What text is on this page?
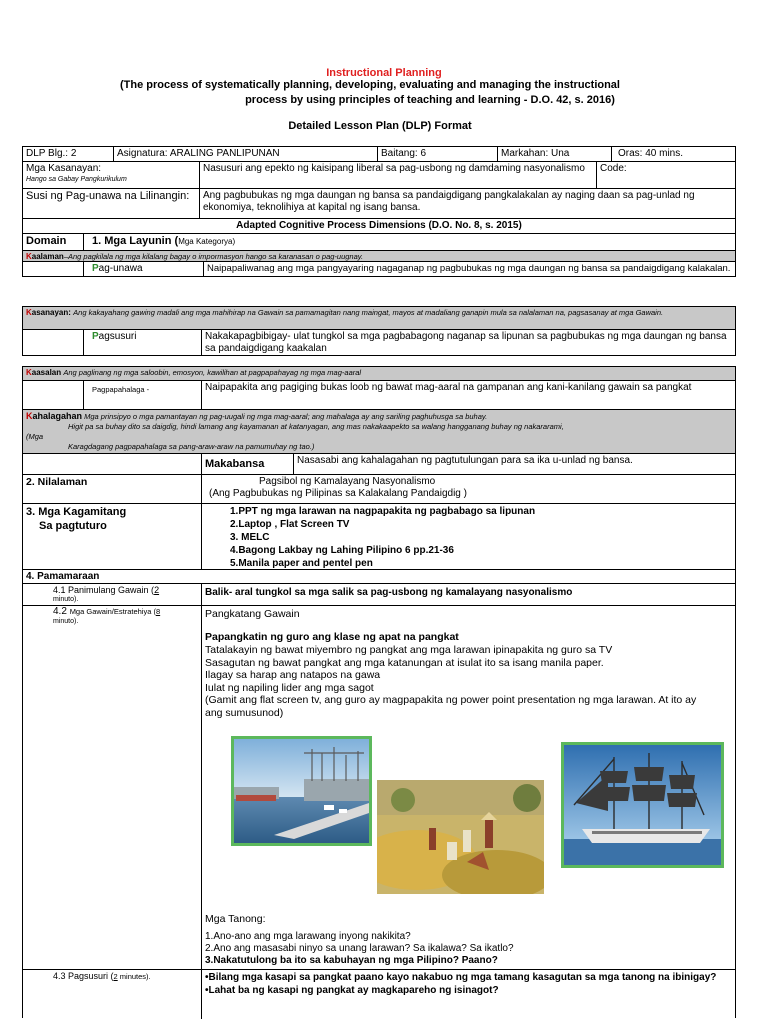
Instructional Planning
(The process of systematically planning, developing, evaluating and managing the instructional
process by using principles of teaching and learning - D.O. 42, s. 2016)
Detailed Lesson Plan (DLP) Format
DLP Blg.: 2	Asignatura: ARALING PANLIPUNAN	Baitang: 6	Markahan: Una	Oras: 40 mins.
Mga Kasanayan:
Hango sa Gabay Pangkurikulum
Nasusuri ang epekto ng kaisipang liberal sa pag-usbong ng damdaming nasyonalismo	Code:
Susi ng Pag-unawa na Lilinangin:	Ang pagbubukas ng mga daungan ng bansa sa pandaigdigang pangkalakalan ay naging daan sa pag-unlad ng ekonomiya, teknolihiya at kapital ng isang bansa.
Adapted Cognitive Process Dimensions (D.O. No. 8, s. 2015)
Domain	1. Mga Layunin (Mga Kategorya)
Kaalaman–Ang pagkilala ng mga kilalang bagay o impormasyon hango sa karanasan o pag-uugnay.
Pag-unawa	Naipapaliwanag ang mga pangyayaring nagaganap ng pagbubukas ng mga daungan ng bansa sa pandaigdigang kalakalan.
Kasanayan: Ang kakayahang gawing madali ang mga mahihirap na Gawain sa pamamagitan nang maingat, mayos at madaliang ganapin mula sa nalalaman na, pagsasanay at mga Gawain.
Pagsusuri	Nakakapagbibigay- ulat tungkol sa mga pagbabagong naganap sa lipunan sa pagbubukas ng mga daungan ng bansa sa pandaigdigang kaakalan
Kaasalan Ang paglinang ng mga saloobin, emosyon, kawilihan at pagpapahayag ng mga mag-aaral
Pagpapahalaga -	Naipapakita ang pagiging bukas loob ng bawat mag-aaral na gampanan ang kani-kanilang gawain sa pangkat
Kahalagahan Mga prinsipyo o mga pamantayan ng pag-uugali ng mga mag-aaral; ang mahalaga ay ang sariling paghuhusga sa buhay.
Higit pa sa buhay dito sa daigdig, hindi lamang ang kayamanan at katanyagan, ang mas nakakaapekto sa walang hangganang buhay ng nakararami,
(Mga
Karagdagang pagpapahalaga sa pang-araw-araw na pamumuhay ng tao.)
Makabansa	Nasasabi ang kahalagahan ng pagtutulungan para sa ika u-unlad ng bansa.
2. Nilalaman	Pagsibol ng Kamalayang Nasyonalismo
(Ang Pagbubukas ng Pilipinas sa Kalakalang Pandaigdig )
3. Mga Kagamitang
Sa pagtuturo
1.PPT ng mga larawan na nagpapakita ng pagbabago sa lipunan
2.Laptop , Flat Screen TV
3. MELC
4.Bagong Lakbay ng Lahing Pilipino 6 pp.21-36
5.Manila paper and pentel pen
4. Pamamaraan
4.1 Panimulang Gawain (2
minuto).
Balik- aral tungkol sa mga salik sa pag-usbong ng kamalayang nasyonalismo
4.2 Mga Gawain/Estratehiya (8
minuto).
Pangkatang Gawain
Papangkatin ng guro ang klase ng apat na pangkat
Tatalakayin ng bawat miyembro ng pangkat ang mga larawan ipinapakita ng guro sa TV
Sasagutan ng bawat pangkat ang mga katanungan at isulat ito sa isang manila paper.
Ilagay sa harap ang natapos na gawa
Iulat ng napiling lider ang mga sagot
(Gamit ang flat screen tv, ang guro ay magpapakita ng power point presentation ng mga larawan. At ito ay ang sumusunod)
Mga Tanong:
1.Ano-ano ang mga larawang inyong nakikita?
2.Ano ang masasabi ninyo sa unang larawan? Sa ikalawa? Sa ikatlo?
3.Nakatutulong ba ito sa kabuhayan ng mga Pilipino? Paano?
4.3 Pagsusuri (2 minutes).	•Bilang mga kasapi sa pangkat paano kayo nakabuo ng mga tamang kasagutan sa mga tanong na ibinigay?
•Lahat ba ng kasapi ng pangkat ay magkapareho ng isinagot?
